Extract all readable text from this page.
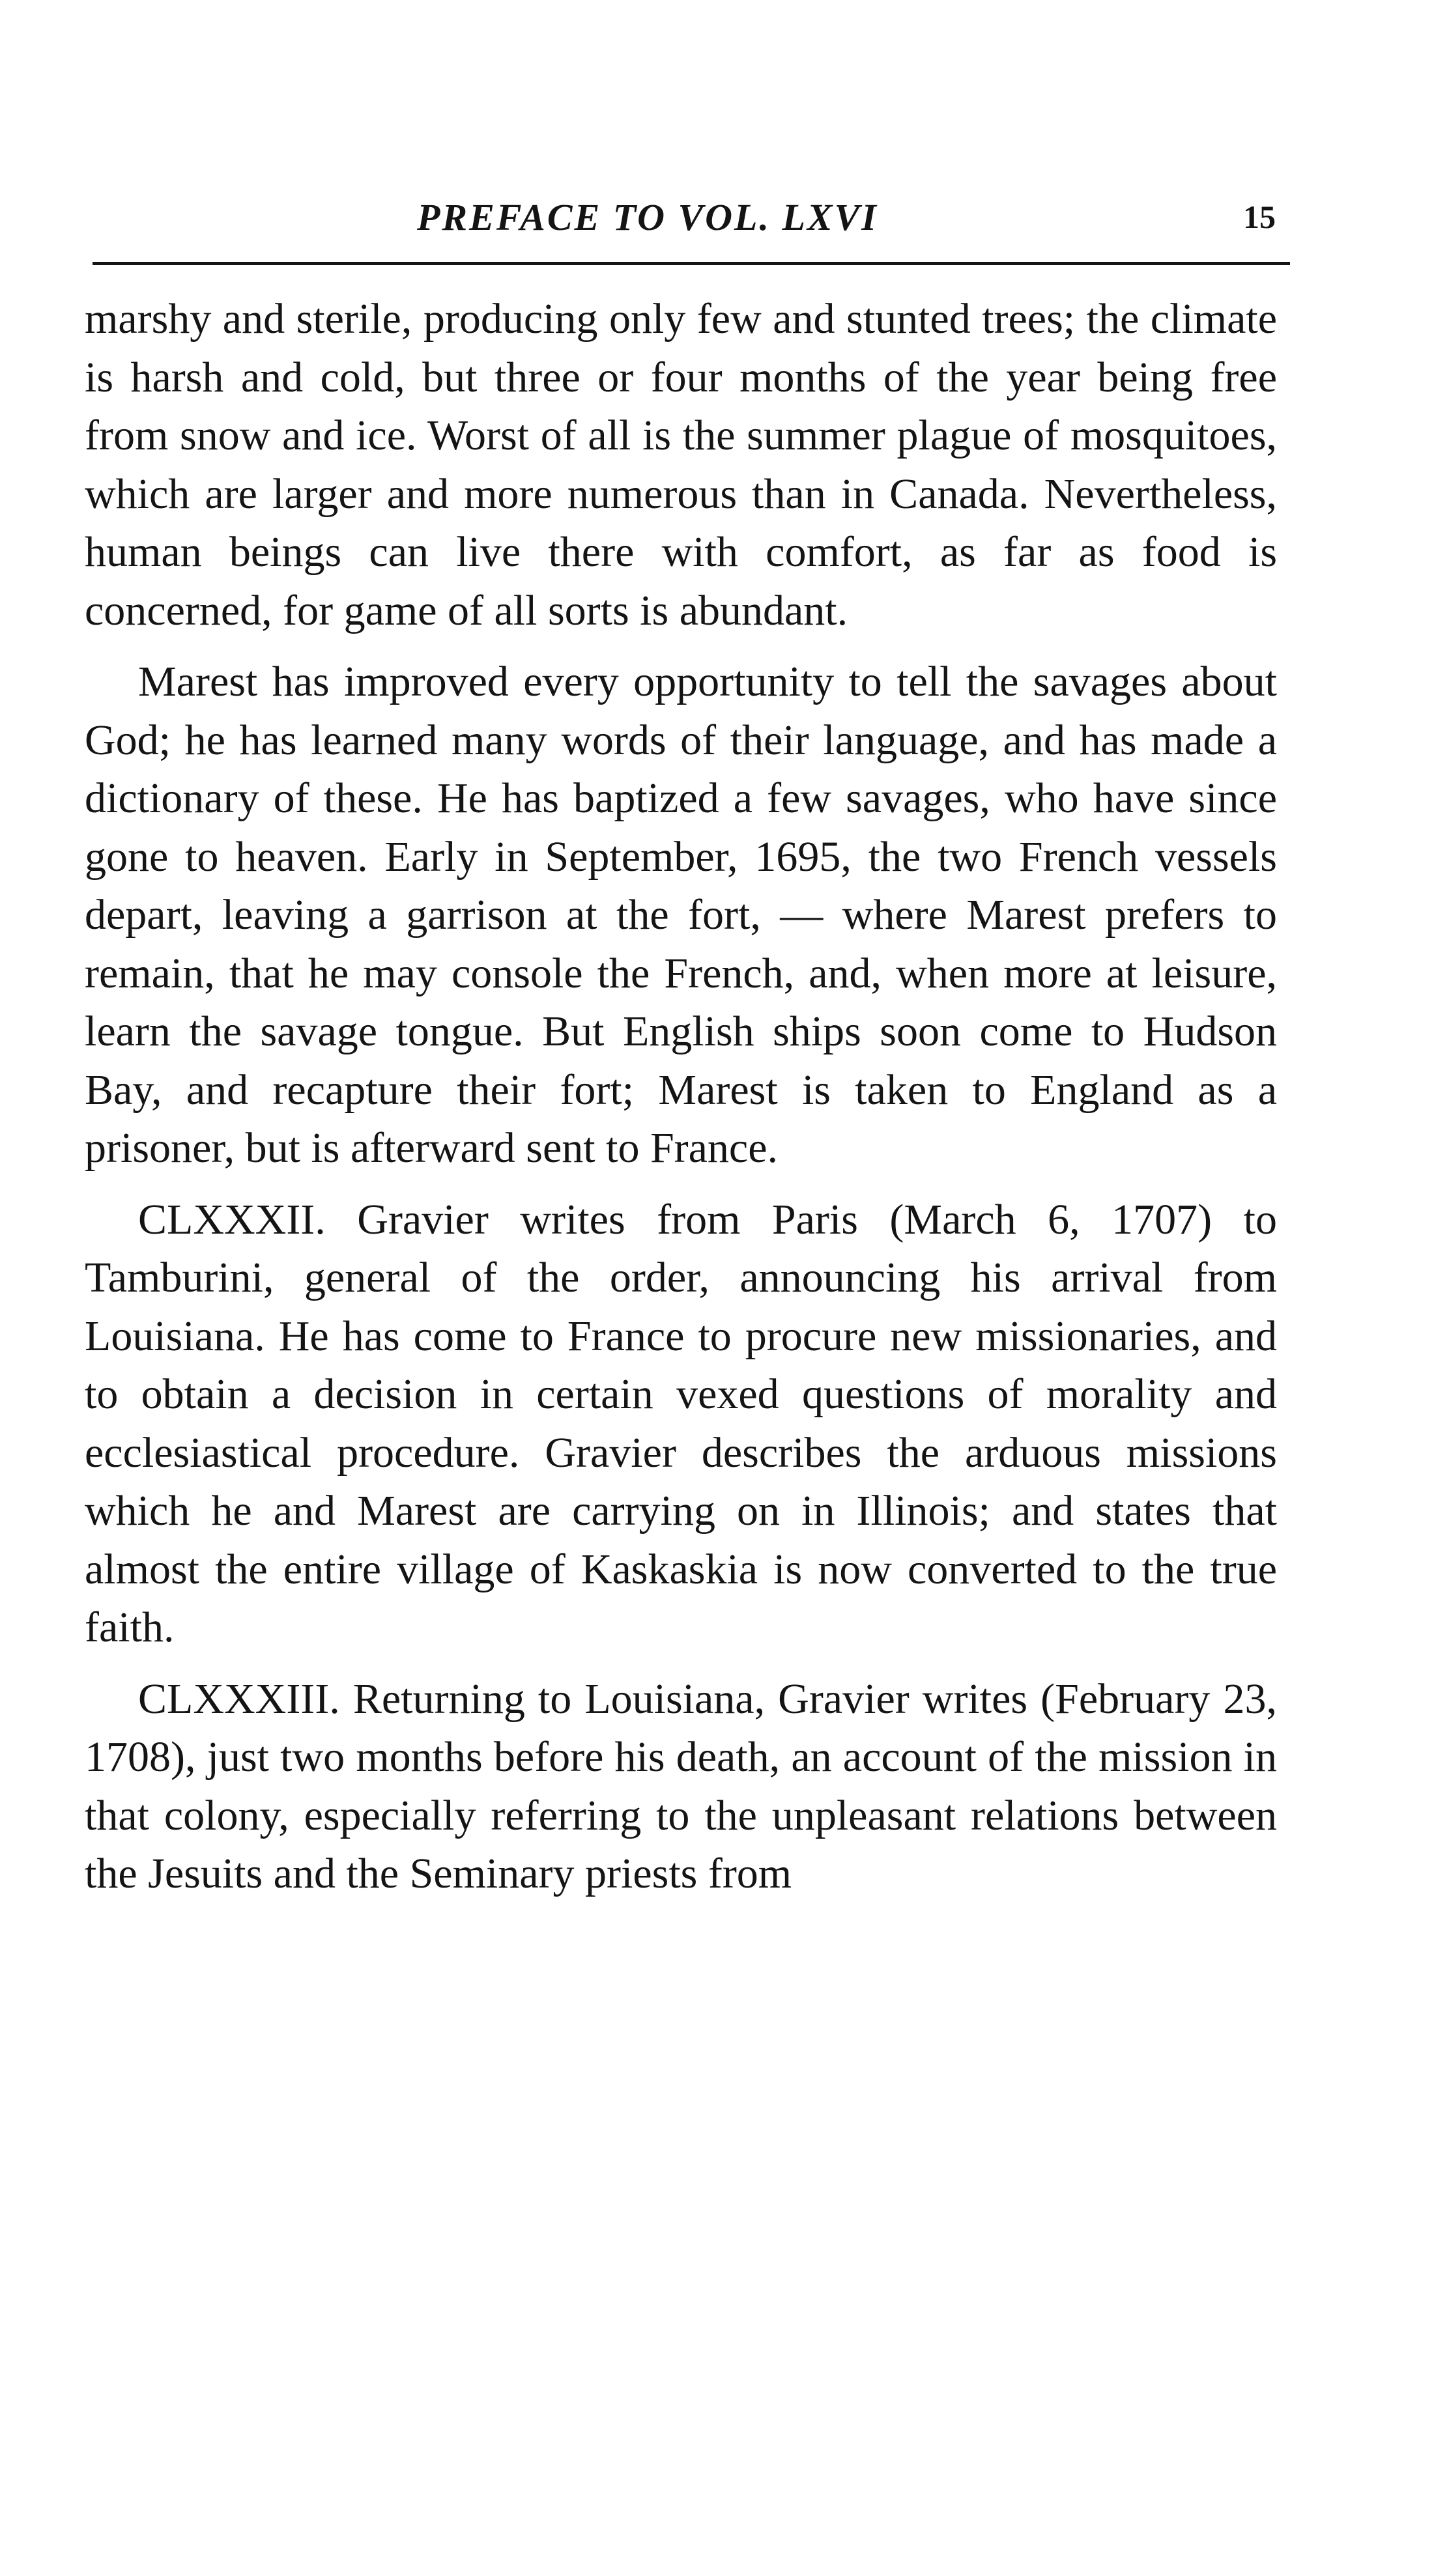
PREFACE TO VOL. LXVI	15

marshy and sterile, producing only few and stunted trees; the climate is harsh and cold, but three or four months of the year being free from snow and ice. Worst of all is the summer plague of mosquitoes, which are larger and more numerous than in Canada. Nevertheless, human beings can live there with comfort, as far as food is concerned, for game of all sorts is abundant.

Marest has improved every opportunity to tell the savages about God; he has learned many words of their language, and has made a dictionary of these. He has baptized a few savages, who have since gone to heaven. Early in September, 1695, the two French vessels depart, leaving a garrison at the fort, — where Marest prefers to remain, that he may console the French, and, when more at leisure, learn the savage tongue. But English ships soon come to Hudson Bay, and recapture their fort; Marest is taken to England as a prisoner, but is afterward sent to France.

CLXXXII. Gravier writes from Paris (March 6, 1707) to Tamburini, general of the order, announcing his arrival from Louisiana. He has come to France to procure new missionaries, and to obtain a decision in certain vexed questions of morality and ecclesiastical procedure. Gravier describes the arduous missions which he and Marest are carrying on in Illinois; and states that almost the entire village of Kaskaskia is now converted to the true faith.

CLXXXIII. Returning to Louisiana, Gravier writes (February 23, 1708), just two months before his death, an account of the mission in that colony, especially referring to the unpleasant relations between the Jesuits and the Seminary priests from
